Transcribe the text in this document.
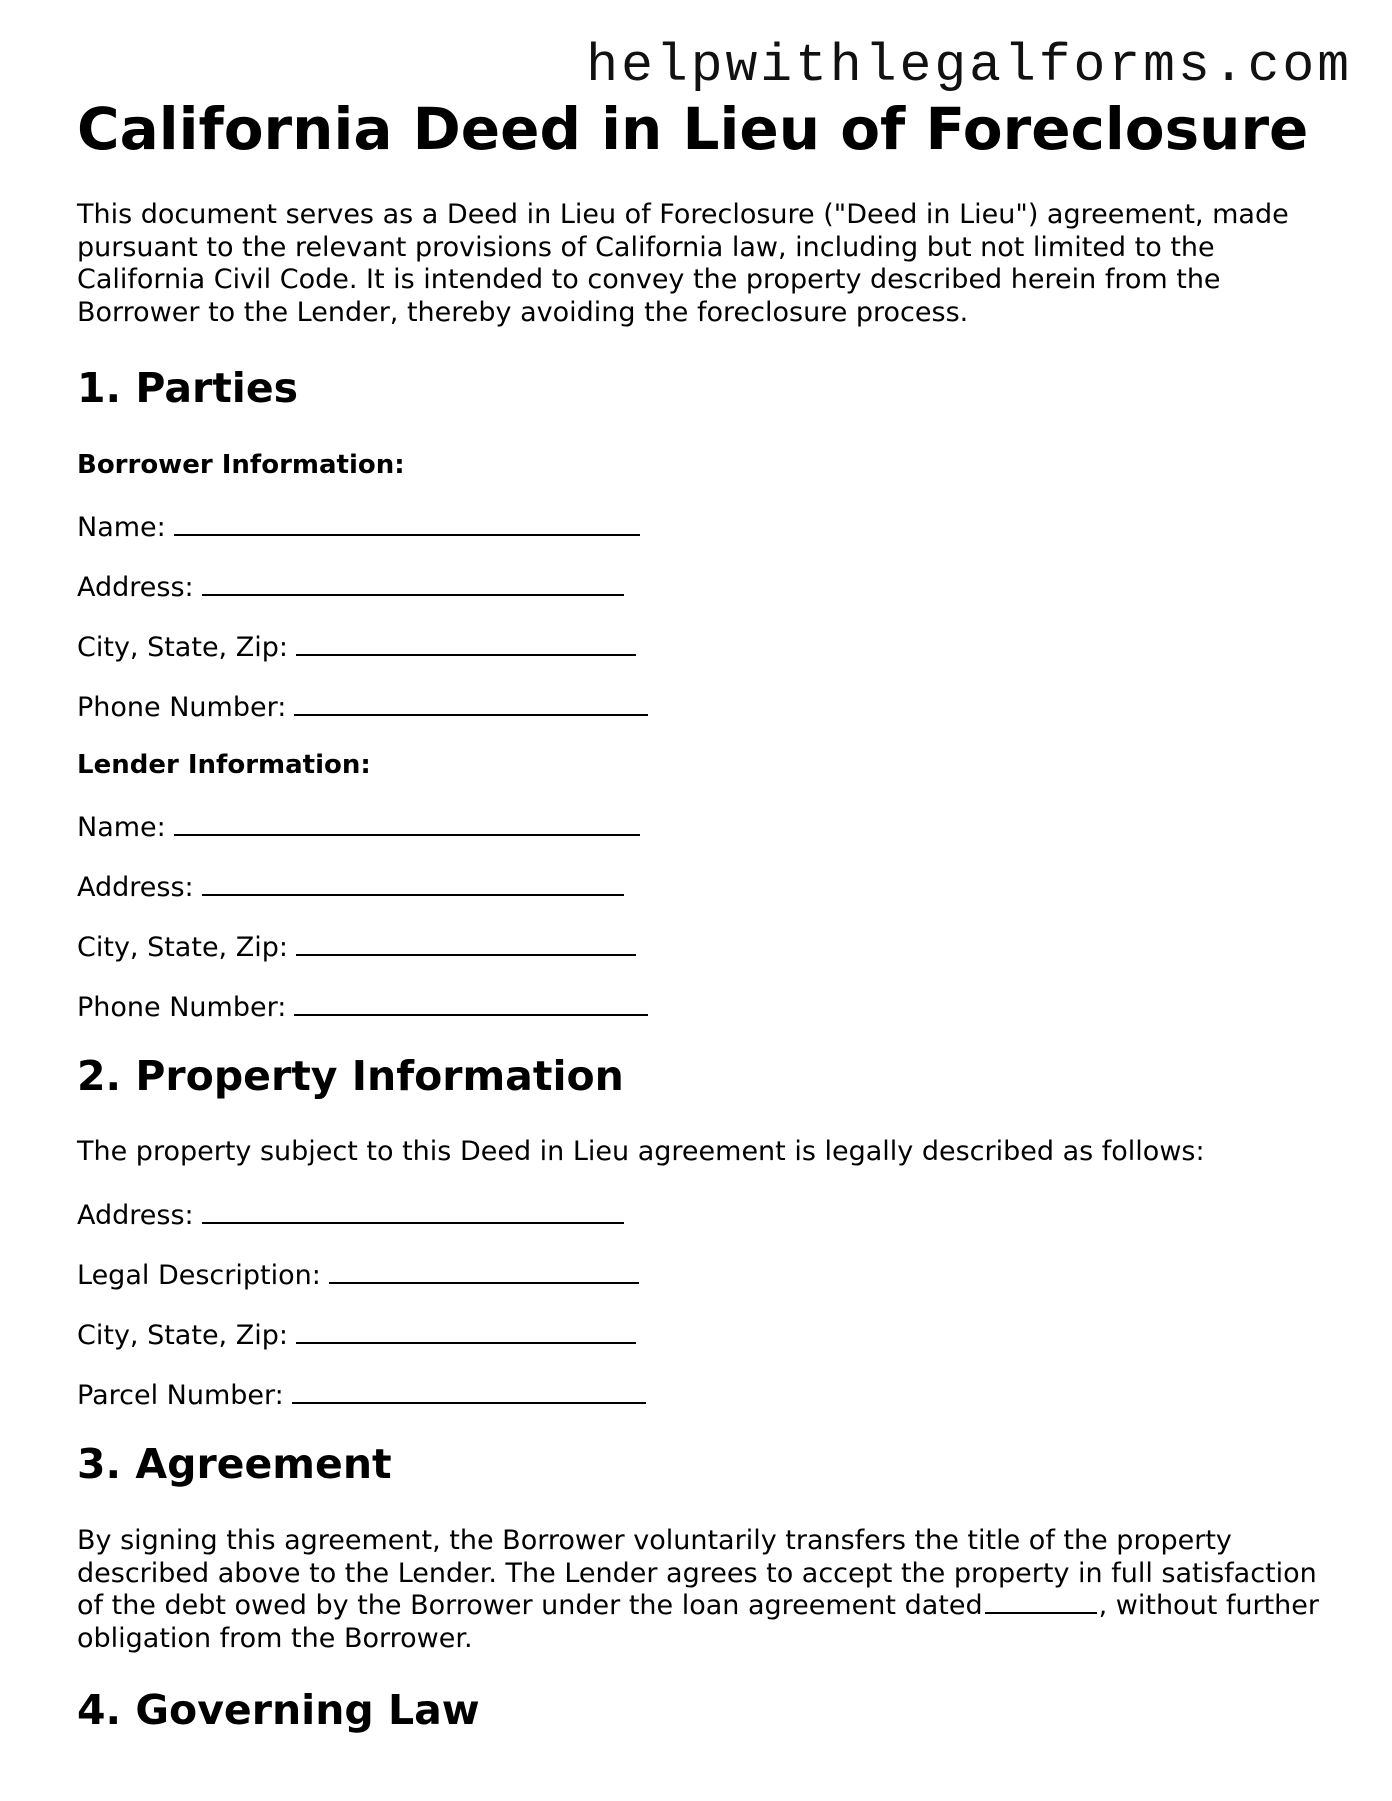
helpwithlegalforms.com
California Deed in Lieu of Foreclosure

This document serves as a Deed in Lieu of Foreclosure ("Deed in Lieu") agreement, made pursuant to the relevant provisions of California law, including but not limited to the California Civil Code. It is intended to convey the property described herein from the Borrower to the Lender, thereby avoiding the foreclosure process.

1. Parties
Borrower Information:
Name:
Address:
City, State, Zip:
Phone Number:
Lender Information:
Name:
Address:
City, State, Zip:
Phone Number:
2. Property Information

The property subject to this Deed in Lieu agreement is legally described as follows:

Address:
Legal Description:
City, State, Zip:
Parcel Number:
3. Agreement

By signing this agreement, the Borrower voluntarily transfers the title of the property described above to the Lender. The Lender agrees to accept the property in full satisfaction of the debt owed by the Borrower under the loan agreement dated	, without further obligation from the Borrower.

4. Governing Law
